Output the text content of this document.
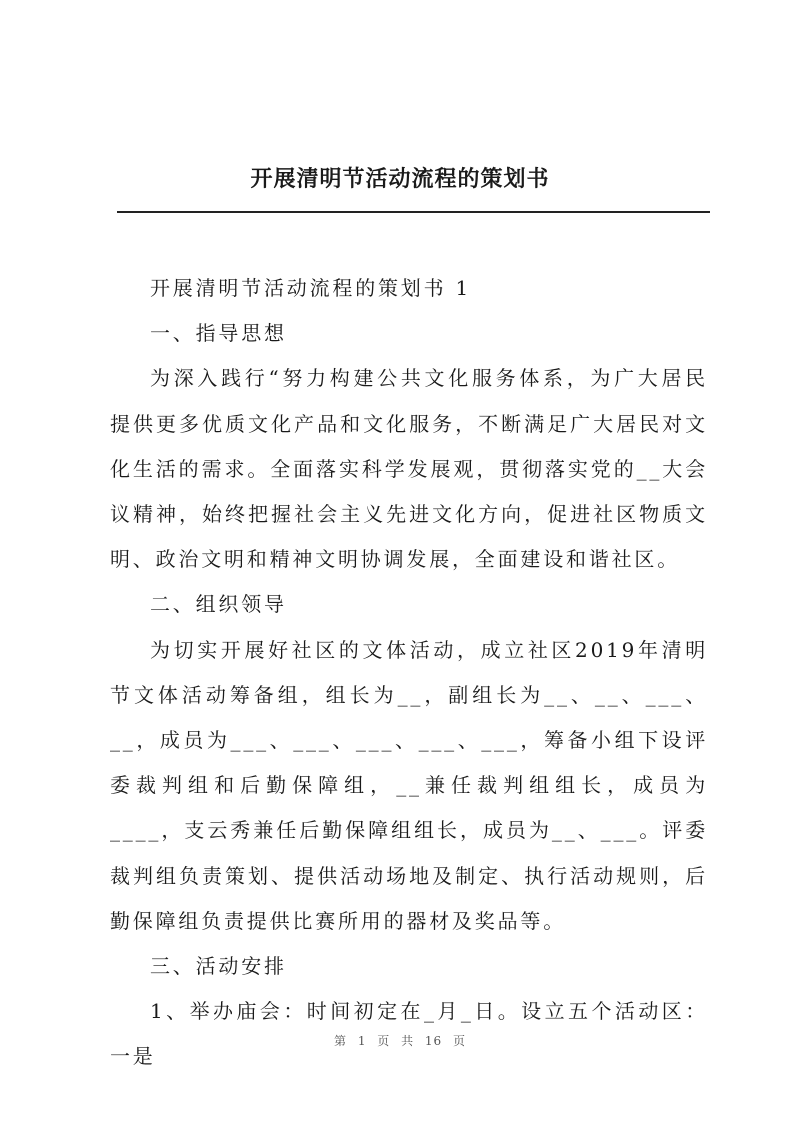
开展清明节活动流程的策划书

开展清明节活动流程的策划书 1

一、指导思想

为深入践行“努力构建公共文化服务体系，为广大居民提供更多优质文化产品和文化服务，不断满足广大居民对文化生活的需求。全面落实科学发展观，贯彻落实党的__大会议精神，始终把握社会主义先进文化方向，促进社区物质文明、政治文明和精神文明协调发展，全面建设和谐社区。

二、组织领导

为切实开展好社区的文体活动，成立社区2019年清明节文体活动筹备组，组长为__，副组长为__、__、___、__，成员为___、___、___、___、___，筹备小组下设评委裁判组和后勤保障组，__兼任裁判组组长，成员为____，支云秀兼任后勤保障组组长，成员为__、___。评委裁判组负责策划、提供活动场地及制定、执行活动规则，后勤保障组负责提供比赛所用的器材及奖品等。

三、活动安排

1、举办庙会：时间初定在_月_日。设立五个活动区：一是

第 1 页 共 16 页
